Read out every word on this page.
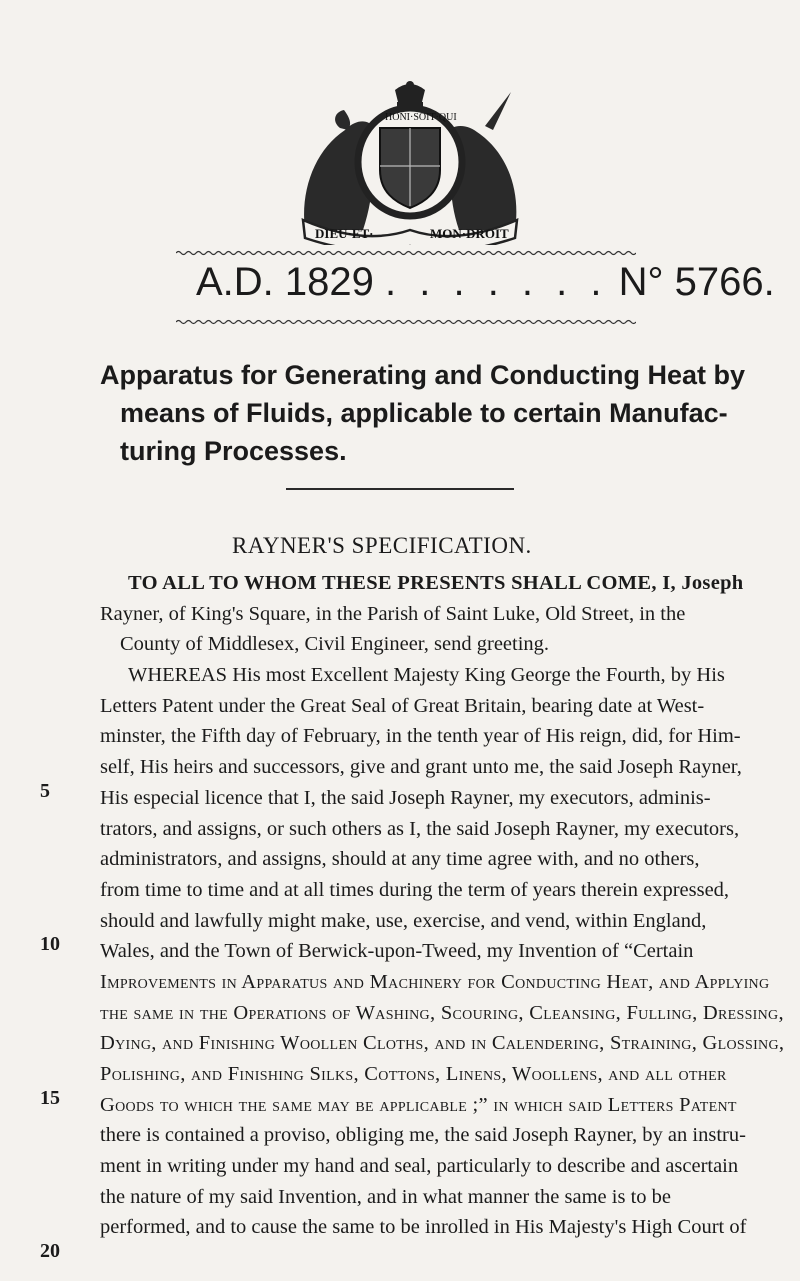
HONI·SOIT·QUI
DIEU·ET·	MON·DROIT
A.D. 1829 . . . . . . . N° 5766.
Apparatus for Generating and Conducting Heat by
means of Fluids, applicable to certain Manufac-
turing Processes.
RAYNER'S SPECIFICATION.
5
10
15
20
TO ALL TO WHOM THESE PRESENTS SHALL COME, I, Joseph
Rayner, of King's Square, in the Parish of Saint Luke, Old Street, in the
County of Middlesex, Civil Engineer, send greeting.
WHEREAS His most Excellent Majesty King George the Fourth, by His
Letters Patent under the Great Seal of Great Britain, bearing date at West-
minster, the Fifth day of February, in the tenth year of His reign, did, for Him-
self, His heirs and successors, give and grant unto me, the said Joseph Rayner,
His especial licence that I, the said Joseph Rayner, my executors, adminis-
trators, and assigns, or such others as I, the said Joseph Rayner, my executors,
administrators, and assigns, should at any time agree with, and no others,
from time to time and at all times during the term of years therein expressed,
should and lawfully might make, use, exercise, and vend, within England,
Wales, and the Town of Berwick-upon-Tweed, my Invention of “Certain
Improvements in Apparatus and Machinery for Conducting Heat, and Applying
the same in the Operations of Washing, Scouring, Cleansing, Fulling, Dressing,
Dying, and Finishing Woollen Cloths, and in Calendering, Straining, Glossing,
Polishing, and Finishing Silks, Cottons, Linens, Woollens, and all other
Goods to which the same may be applicable ;” in which said Letters Patent
there is contained a proviso, obliging me, the said Joseph Rayner, by an instru-
ment in writing under my hand and seal, particularly to describe and ascertain
the nature of my said Invention, and in what manner the same is to be
performed, and to cause the same to be inrolled in His Majesty's High Court of
